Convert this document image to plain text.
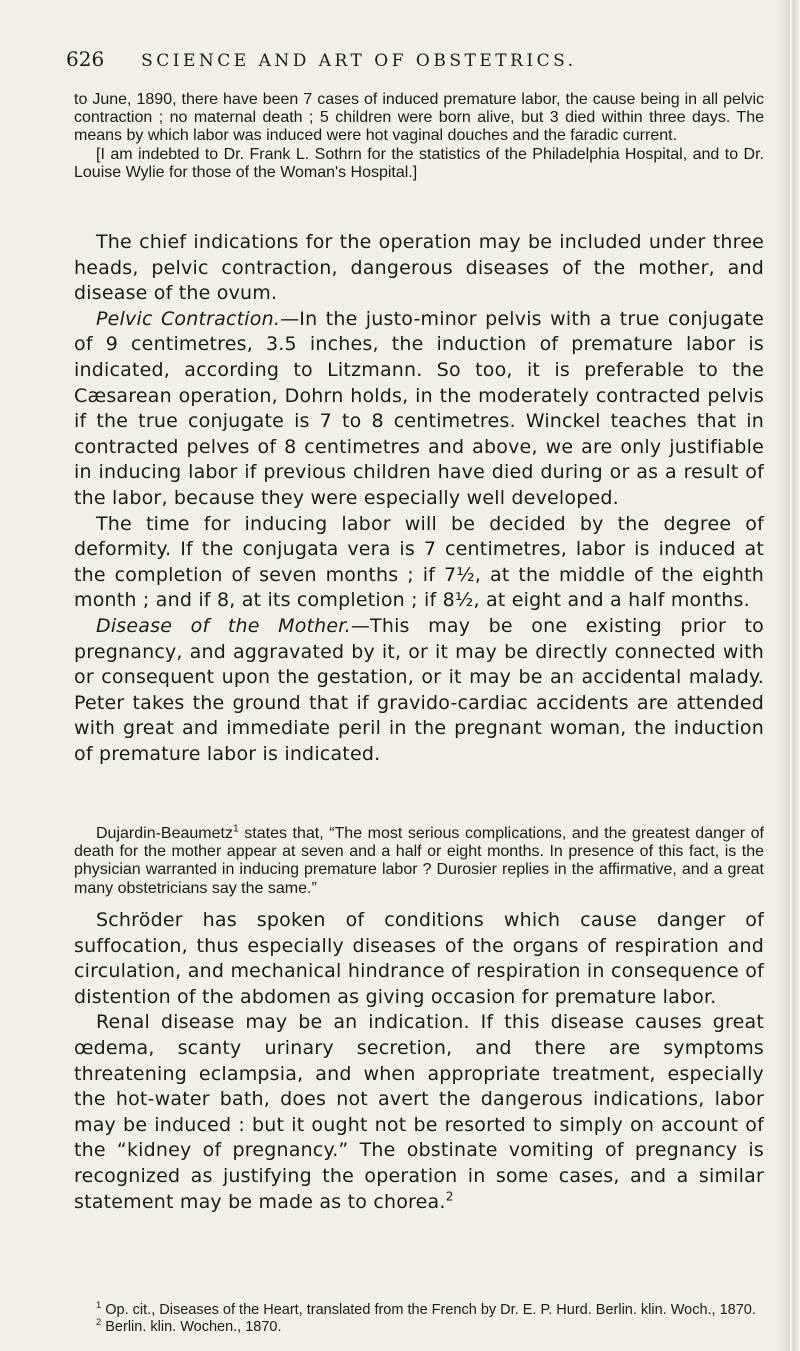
626 SCIENCE AND ART OF OBSTETRICS.

to June, 1890, there have been 7 cases of induced premature labor, the cause being in all pelvic contraction ; no maternal death ; 5 children were born alive, but 3 died within three days. The means by which labor was induced were hot vaginal douches and the faradic current.

[I am indebted to Dr. Frank L. Sothrn for the statistics of the Philadelphia Hospital, and to Dr. Louise Wylie for those of the Woman's Hospital.]

The chief indications for the operation may be included under three heads, pelvic contraction, dangerous diseases of the mother, and disease of the ovum.

Pelvic Contraction.—In the justo-minor pelvis with a true conjugate of 9 centimetres, 3.5 inches, the induction of premature labor is indicated, according to Litzmann. So too, it is preferable to the Cæsarean operation, Dohrn holds, in the moderately contracted pelvis if the true conjugate is 7 to 8 centimetres. Winckel teaches that in contracted pelves of 8 centimetres and above, we are only justifiable in inducing labor if previous children have died during or as a result of the labor, because they were especially well developed.

The time for inducing labor will be decided by the degree of deformity. If the conjugata vera is 7 centimetres, labor is induced at the completion of seven months ; if 7½, at the middle of the eighth month ; and if 8, at its completion ; if 8½, at eight and a half months.

Disease of the Mother.—This may be one existing prior to pregnancy, and aggravated by it, or it may be directly connected with or consequent upon the gestation, or it may be an accidental malady. Peter takes the ground that if gravido-cardiac accidents are attended with great and immediate peril in the pregnant woman, the induction of premature labor is indicated.

Dujardin-Beaumetz$^1$ states that, “The most serious complications, and the greatest danger of death for the mother appear at seven and a half or eight months. In presence of this fact, is the physician warranted in inducing premature labor ? Durosier replies in the affirmative, and a great many obstetricians say the same.”

Schröder has spoken of conditions which cause danger of suffocation, thus especially diseases of the organs of respiration and circulation, and mechanical hindrance of respiration in consequence of distention of the abdomen as giving occasion for premature labor.

Renal disease may be an indication. If this disease causes great œdema, scanty urinary secretion, and there are symptoms threatening eclampsia, and when appropriate treatment, especially the hot-water bath, does not avert the dangerous indications, labor may be induced : but it ought not be resorted to simply on account of the “kidney of pregnancy.” The obstinate vomiting of pregnancy is recognized as justifying the operation in some cases, and a similar statement may be made as to chorea.$^2$

$^1$ Op. cit., Diseases of the Heart, translated from the French by Dr. E. P. Hurd. Berlin. klin. Woch., 1870.

$^2$ Berlin. klin. Wochen., 1870.
